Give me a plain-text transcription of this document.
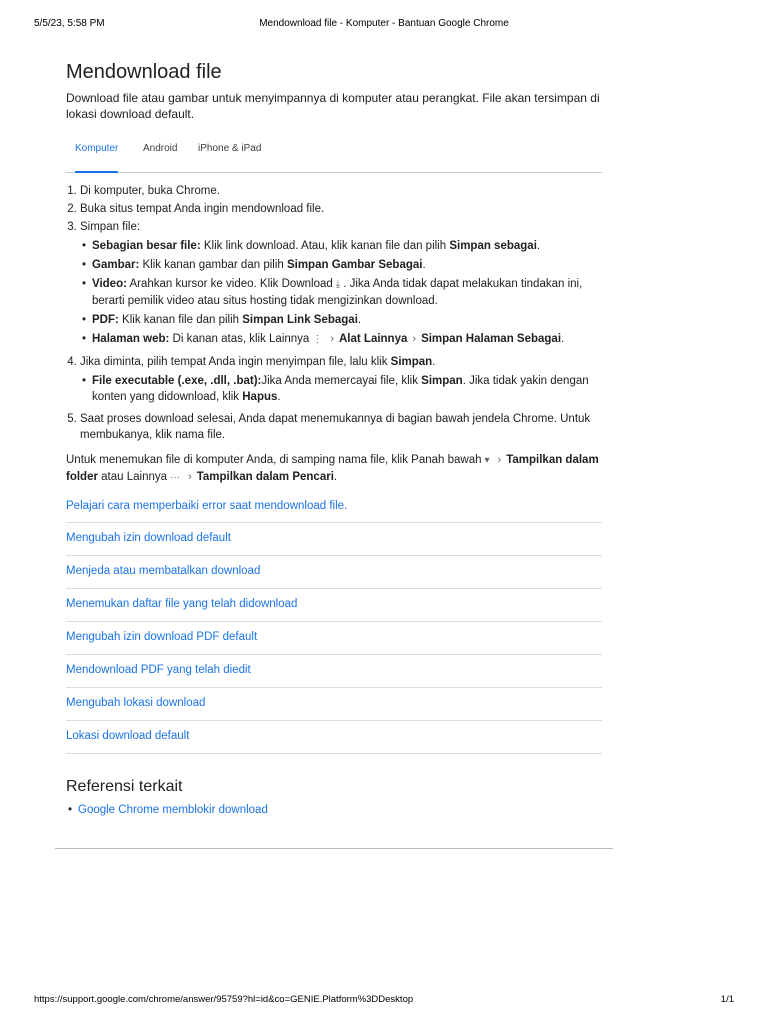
5/5/23, 5:58 PM	Mendownload file - Komputer - Bantuan Google Chrome
Mendownload file

Download file atau gambar untuk menyimpannya di komputer atau perangkat. File akan tersimpan di lokasi download default.

Komputer Android iPhone & iPad
1. Di komputer, buka Chrome.
2. Buka situs tempat Anda ingin mendownload file.
3. Simpan file:
• Sebagian besar file: Klik link download. Atau, klik kanan file dan pilih Simpan sebagai.
• Gambar: Klik kanan gambar dan pilih Simpan Gambar Sebagai.
• Video: Arahkan kursor ke video. Klik Download ⤓ . Jika Anda tidak dapat melakukan tindakan ini, berarti pemilik video atau situs hosting tidak mengizinkan download.
• PDF: Klik kanan file dan pilih Simpan Link Sebagai.
• Halaman web: Di kanan atas, klik Lainnya ⋮ › Alat Lainnya › Simpan Halaman Sebagai.
4. Jika diminta, pilih tempat Anda ingin menyimpan file, lalu klik Simpan.
• File executable (.exe, .dll, .bat):Jika Anda memercayai file, klik Simpan. Jika tidak yakin dengan konten yang didownload, klik Hapus.
5. Saat proses download selesai, Anda dapat menemukannya di bagian bawah jendela Chrome. Untuk membukanya, klik nama file.

Untuk menemukan file di komputer Anda, di samping nama file, klik Panah bawah ▾ › Tampilkan dalam folder atau Lainnya ··· › Tampilkan dalam Pencari.

Pelajari cara memperbaiki error saat mendownload file.
Mengubah izin download default
Menjeda atau membatalkan download
Menemukan daftar file yang telah didownload
Mengubah izin download PDF default
Mendownload PDF yang telah diedit
Mengubah lokasi download
Lokasi download default
Referensi terkait
• Google Chrome memblokir download
https://support.google.com/chrome/answer/95759?hl=id&co=GENIE.Platform%3DDesktop	1/1
